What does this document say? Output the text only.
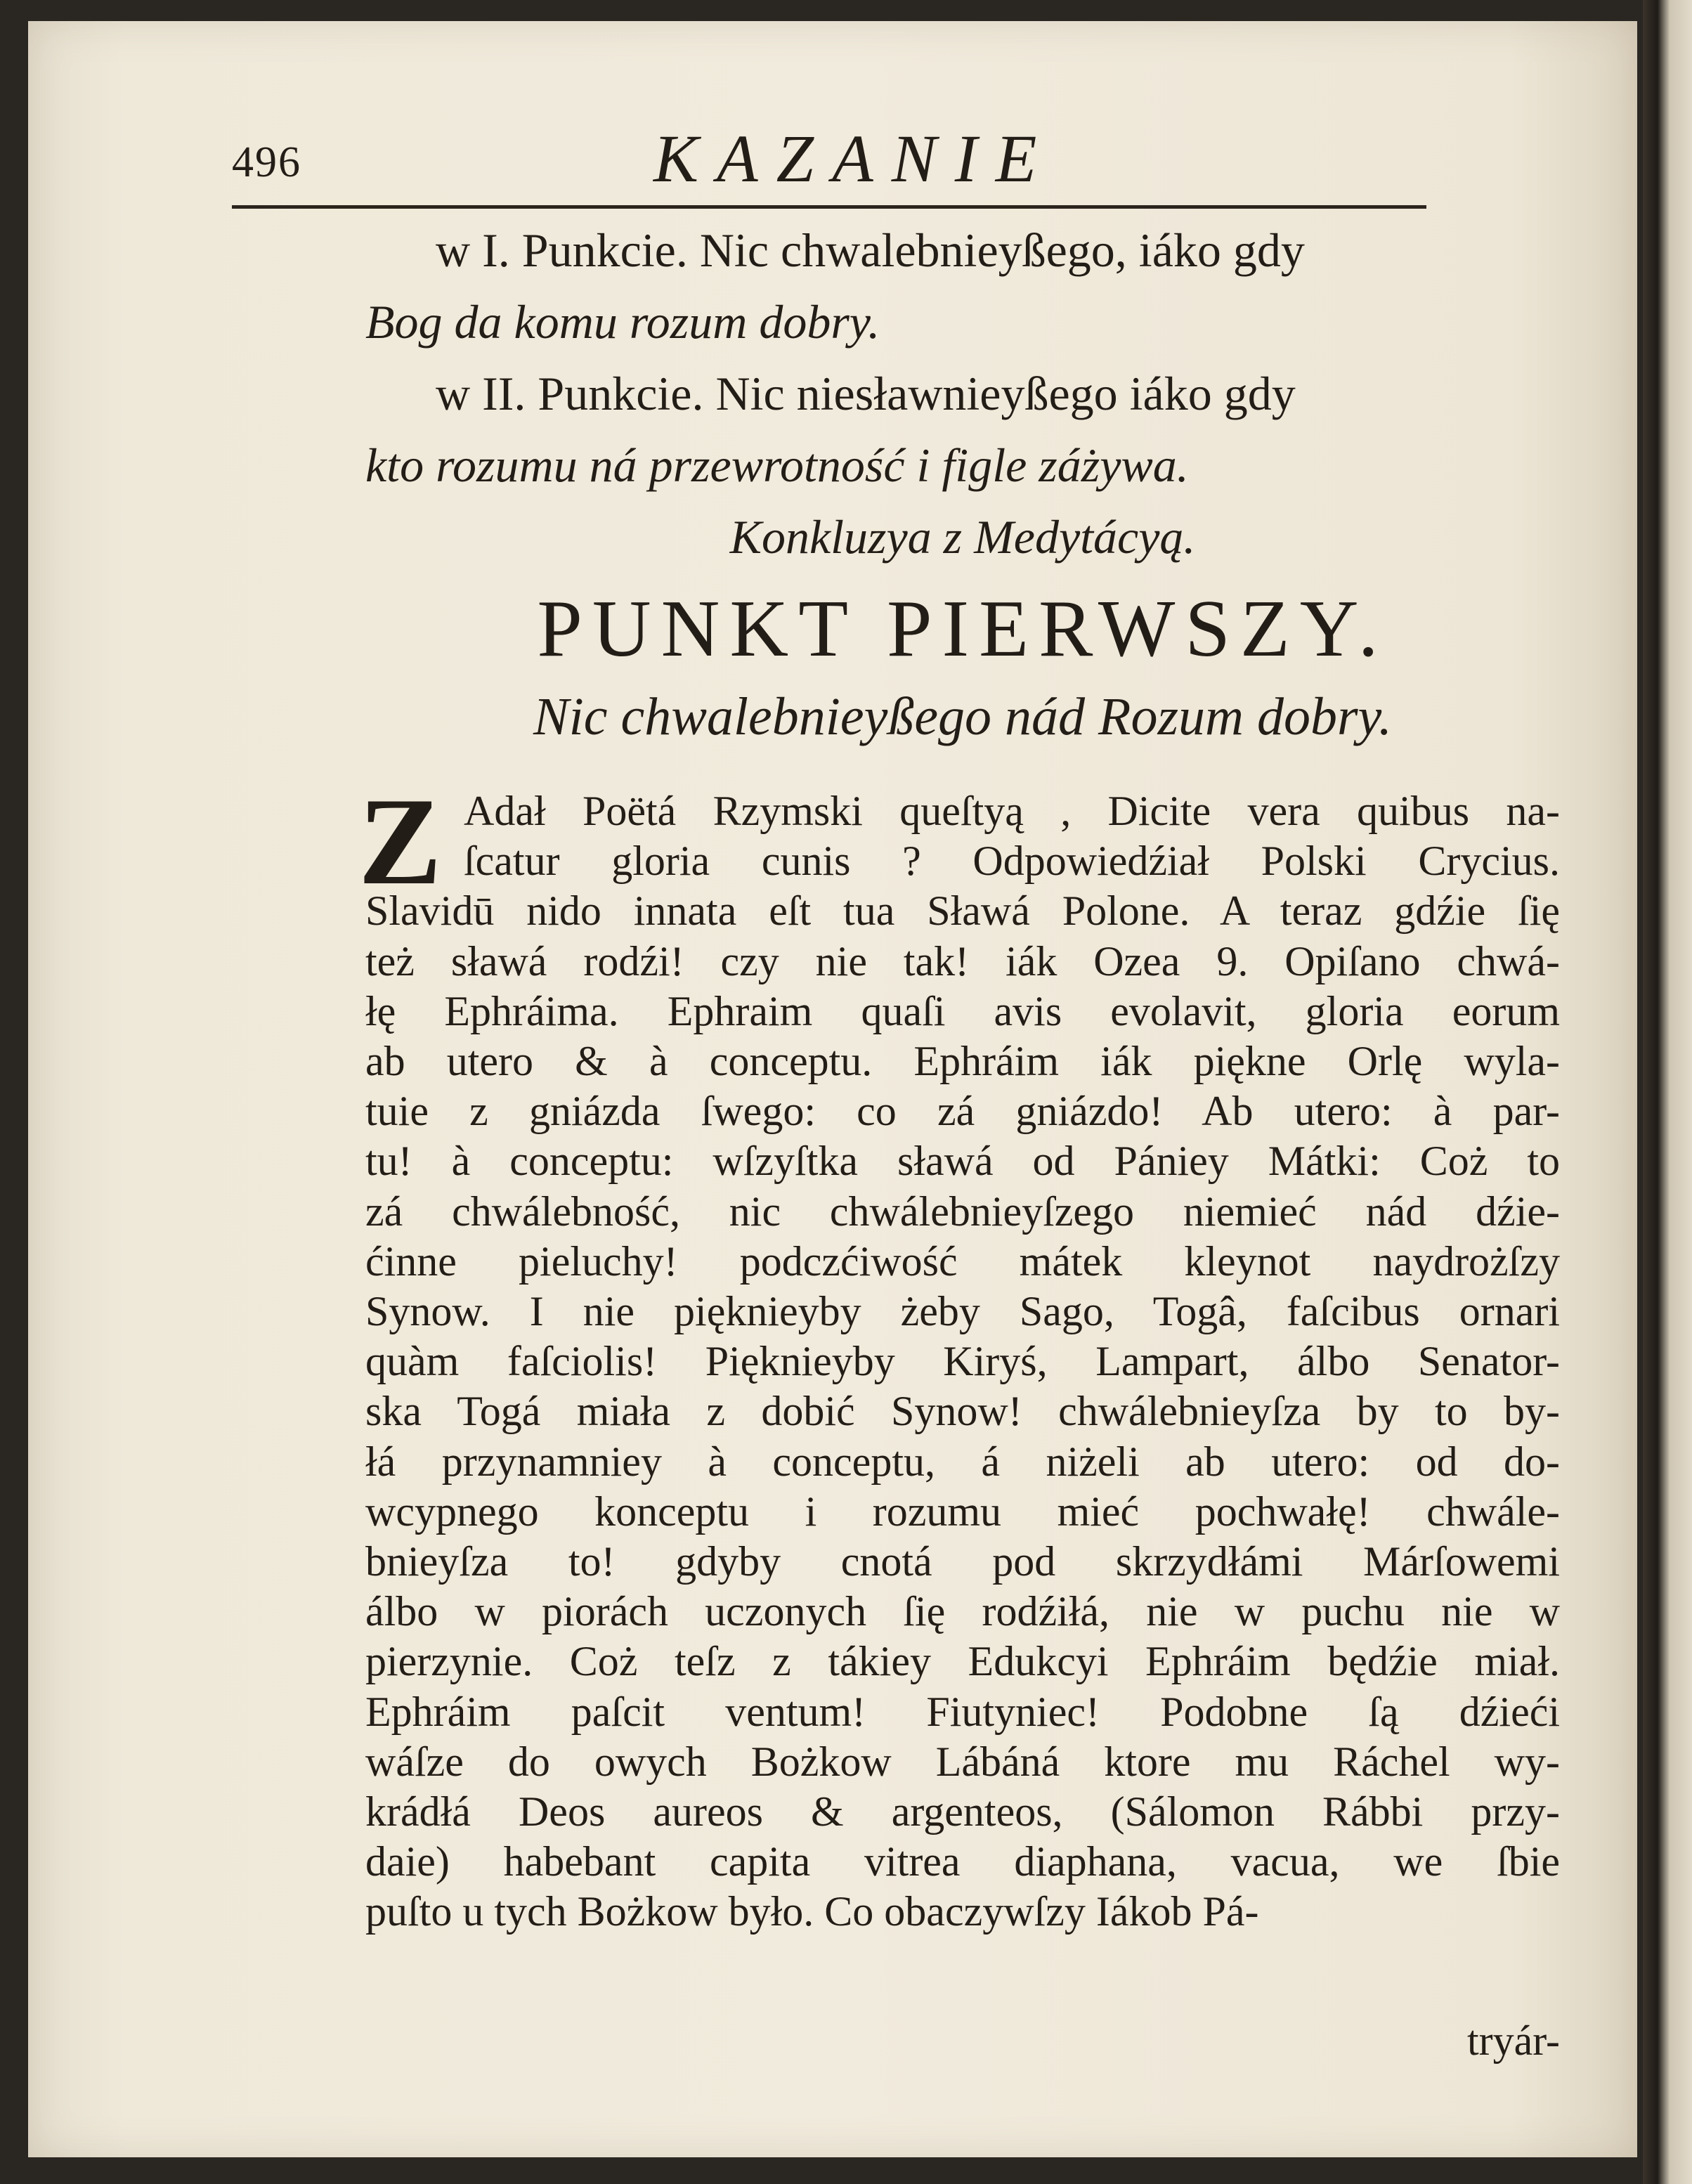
496	KAZANIE
w I. Punkcie. Nic chwalebnieyßego, iáko gdy
Bog da komu rozum dobry.
w II. Punkcie. Nic niesławnieyßego iáko gdy
kto rozumu ná przewrotność i figle záżywa.
Konkluzya z Medytácyą.
PUNKT PIERWSZY.
Nic chwalebnieyßego nád Rozum dobry.
Z Adał Poëtá Rzymski queſtyą , Dicite vera quibus na-
ſcatur gloria cunis ? Odpowiedźiał Polski Crycius.
Slavidū nido innata eſt tua Sławá Polone. A teraz gdźie ſię
też sławá rodźi! czy nie tak! iák Ozea 9. Opiſano chwá-
łę Ephráima. Ephraim quaſi avis evolavit, gloria eorum
ab utero & à conceptu. Ephráim iák piękne Orlę wyla-
tuie z gniázda ſwego: co zá gniázdo! Ab utero: à par-
tu! à conceptu: wſzyſtka sławá od Pániey Mátki: Coż to
zá chwálebność, nic chwálebnieyſzego niemieć nád dźie-
ćinne pieluchy! podczćiwość mátek kleynot naydrożſzy
Synow. I nie pięknieyby żeby Sago, Togâ, faſcibus ornari
quàm faſciolis! Pięknieyby Kiryś, Lampart, álbo Senator-
ska Togá miała z dobić Synow! chwálebnieyſza by to by-
łá przynamniey à conceptu, á niżeli ab utero: od do-
wcypnego konceptu i rozumu mieć pochwałę! chwále-
bnieyſza to! gdyby cnotá pod skrzydłámi Márſowemi
álbo w piorách uczonych ſię rodźiłá, nie w puchu nie w
pierzynie. Coż teſz z tákiey Edukcyi Ephráim będźie miał.
Ephráim paſcit ventum! Fiutyniec! Podobne ſą dźieći
wáſze do owych Bożkow Lábáná ktore mu Ráchel wy-
krádłá Deos aureos & argenteos, (Sálomon Rábbi przy-
daie) habebant capita vitrea diaphana, vacua, we ſbie
puſto u tych Bożkow było. Co obaczywſzy Iákob Pá-
tryár-
